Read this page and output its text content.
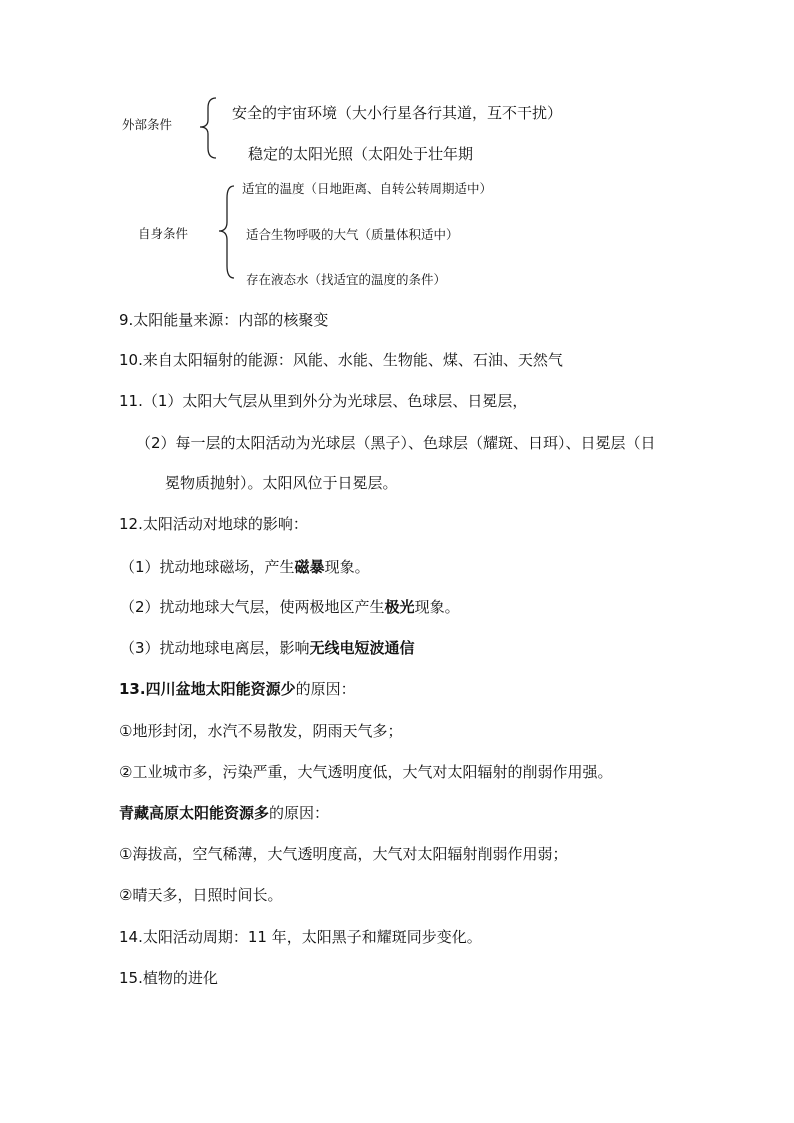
外部条件
安全的宇宙环境（大小行星各行其道，互不干扰）
稳定的太阳光照（太阳处于壮年期
自身条件
适宜的温度（日地距离、自转公转周期适中）
适合生物呼吸的大气（质量体积适中）
存在液态水（找适宜的温度的条件）
9.太阳能量来源：内部的核聚变
10.来自太阳辐射的能源：风能、水能、生物能、煤、石油、天然气
11.（1）太阳大气层从里到外分为光球层、色球层、日冕层，
（2）每一层的太阳活动为光球层（黑子）、色球层（耀斑、日珥）、日冕层（日
冕物质抛射）。太阳风位于日冕层。
12.太阳活动对地球的影响：
（1）扰动地球磁场，产生磁暴现象。
（2）扰动地球大气层，使两极地区产生极光现象。
（3）扰动地球电离层，影响无线电短波通信
13.四川盆地太阳能资源少的原因：
①地形封闭，水汽不易散发，阴雨天气多；
②工业城市多，污染严重，大气透明度低，大气对太阳辐射的削弱作用强。
青藏高原太阳能资源多的原因：
①海拔高，空气稀薄，大气透明度高，大气对太阳辐射削弱作用弱；
②晴天多，日照时间长。
14.太阳活动周期：11 年，太阳黑子和耀斑同步变化。
15.植物的进化
